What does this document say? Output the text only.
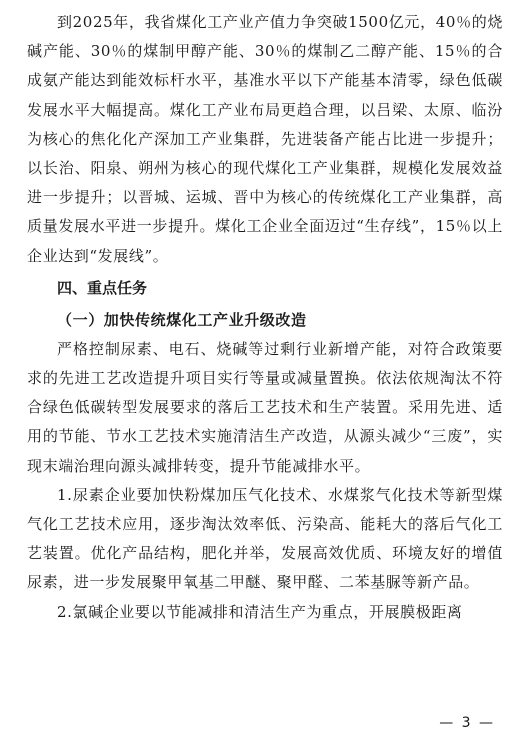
到2025年，我省煤化工产业产值力争突破1500亿元，40％的烧碱产能、30％的煤制甲醇产能、30％的煤制乙二醇产能、15％的合成氨产能达到能效标杆水平，基准水平以下产能基本清零，绿色低碳发展水平大幅提高。煤化工产业布局更趋合理，以吕梁、太原、临汾为核心的焦化化产深加工产业集群，先进装备产能占比进一步提升；以长治、阳泉、朔州为核心的现代煤化工产业集群，规模化发展效益进一步提升；以晋城、运城、晋中为核心的传统煤化工产业集群，高质量发展水平进一步提升。煤化工企业全面迈过“生存线”，15％以上企业达到“发展线”。

四、重点任务

（一）加快传统煤化工产业升级改造

严格控制尿素、电石、烧碱等过剩行业新增产能，对符合政策要求的先进工艺改造提升项目实行等量或减量置换。依法依规淘汰不符合绿色低碳转型发展要求的落后工艺技术和生产装置。采用先进、适用的节能、节水工艺技术实施清洁生产改造，从源头减少“三废”，实现末端治理向源头减排转变，提升节能减排水平。

1.尿素企业要加快粉煤加压气化技术、水煤浆气化技术等新型煤气化工艺技术应用，逐步淘汰效率低、污染高、能耗大的落后气化工艺装置。优化产品结构，肥化并举，发展高效优质、环境友好的增值尿素，进一步发展聚甲氧基二甲醚、聚甲醛、二苯基脲等新产品。

2.氯碱企业要以节能减排和清洁生产为重点，开展膜极距离

— 3 —
